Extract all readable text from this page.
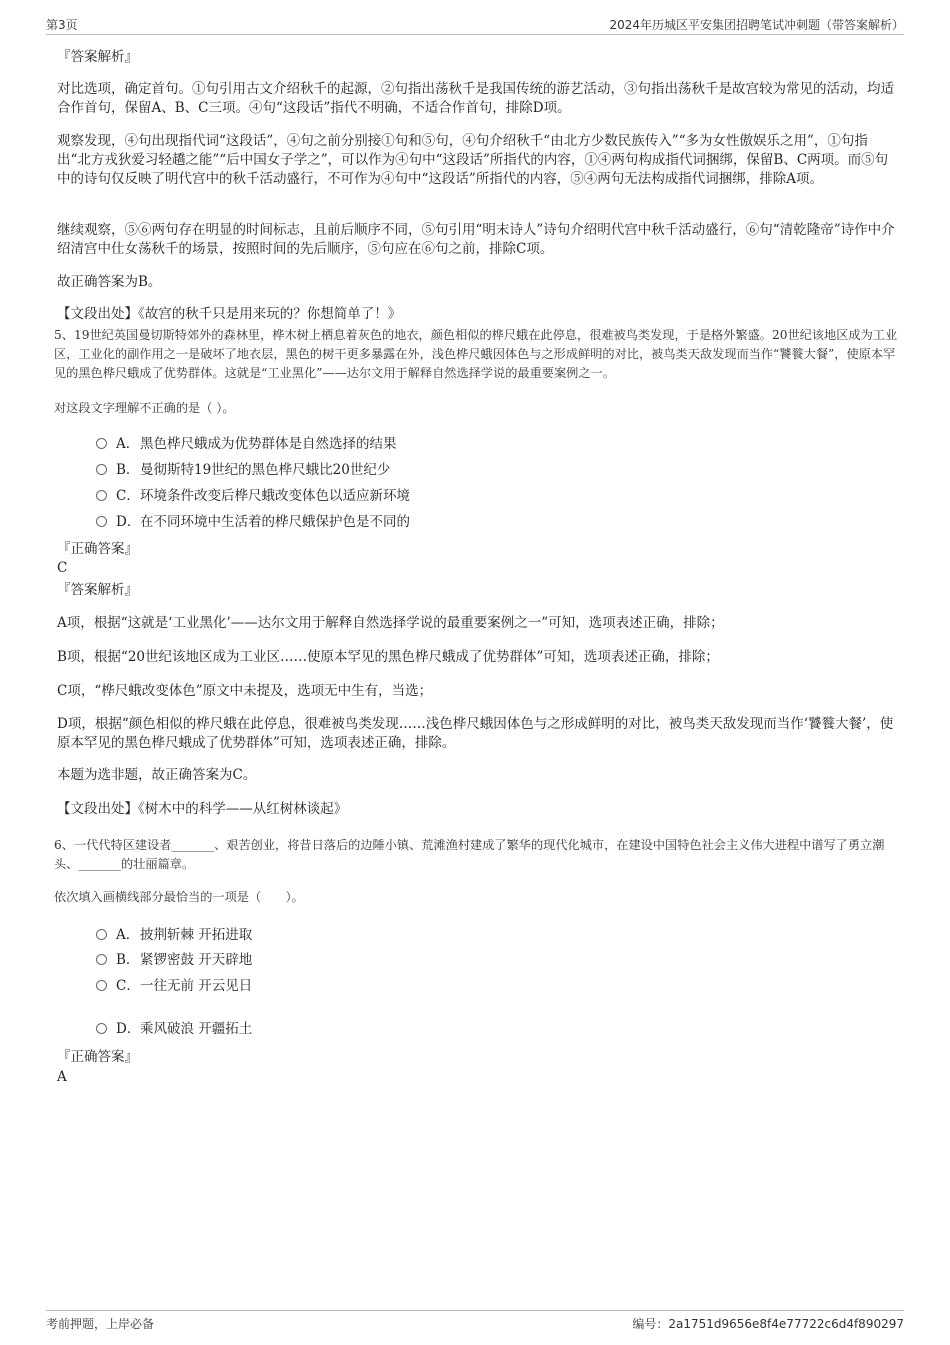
第3页	2024年历城区平安集团招聘笔试冲刺题（带答案解析）
『答案解析』
对比选项，确定首句。①句引用古文介绍秋千的起源，②句指出荡秋千是我国传统的游艺活动，③句指出荡秋千是故宫较为常见的活动，均适合作首句，保留A、B、C三项。④句“这段话”指代不明确，不适合作首句，排除D项。
观察发现，④句出现指代词“这段话”，④句之前分别接①句和⑤句，④句介绍秋千“由北方少数民族传入”“多为女性傲娱乐之用”，①句指出“北方戎狄爱习轻趫之能”“后中国女子学之”，可以作为④句中“这段话”所指代的内容，①④两句构成指代词捆绑，保留B、C两项。而⑤句中的诗句仅反映了明代宫中的秋千活动盛行，不可作为④句中“这段话”所指代的内容，⑤④两句无法构成指代词捆绑，排除A项。
继续观察，⑤⑥两句存在明显的时间标志，且前后顺序不同，⑤句引用“明末诗人”诗句介绍明代宫中秋千活动盛行，⑥句“清乾隆帝”诗作中介绍清宫中仕女荡秋千的场景，按照时间的先后顺序，⑤句应在⑥句之前，排除C项。
故正确答案为B。
【文段出处】《故宫的秋千只是用来玩的？你想简单了！》
5、19世纪英国曼切斯特郊外的森林里，桦木树上栖息着灰色的地衣，颜色相似的桦尺蛾在此停息，很难被鸟类发现，于是格外繁盛。20世纪该地区成为工业区，工业化的副作用之一是破坏了地衣层，黑色的树干更多暴露在外，浅色桦尺蛾因体色与之形成鲜明的对比，被鸟类天敌发现而当作“饕餮大餐”，使原本罕见的黑色桦尺蛾成了优势群体。这就是“工业黑化”——达尔文用于解释自然选择学说的最重要案例之一。
对这段文字理解不正确的是（ ）。
A．黑色桦尺蛾成为优势群体是自然选择的结果
B．曼彻斯特19世纪的黑色桦尺蛾比20世纪少
C．环境条件改变后桦尺蛾改变体色以适应新环境
D．在不同环境中生活着的桦尺蛾保护色是不同的
『正确答案』
C
『答案解析』
A项，根据“这就是‘工业黑化’——达尔文用于解释自然选择学说的最重要案例之一”可知，选项表述正确，排除；
B项，根据“20世纪该地区成为工业区……使原本罕见的黑色桦尺蛾成了优势群体”可知，选项表述正确，排除；
C项，“桦尺蛾改变体色”原文中未提及，选项无中生有，当选；
D项，根据“颜色相似的桦尺蛾在此停息，很难被鸟类发现……浅色桦尺蛾因体色与之形成鲜明的对比，被鸟类天敌发现而当作‘饕餮大餐’，使原本罕见的黑色桦尺蛾成了优势群体”可知，选项表述正确，排除。
本题为选非题，故正确答案为C。
【文段出处】《树木中的科学——从红树林谈起》
6、一代代特区建设者_______、艰苦创业，将昔日落后的边陲小镇、荒滩渔村建成了繁华的现代化城市，在建设中国特色社会主义伟大进程中谱写了勇立潮头、_______的壮丽篇章。
依次填入画横线部分最恰当的一项是（　　）。
A．披荆斩棘 开拓进取
B．紧锣密鼓 开天辟地
C．一往无前 开云见日
D．乘风破浪 开疆拓土
『正确答案』
A
考前押题，上岸必备	编号：2a1751d9656e8f4e77722c6d4f890297
